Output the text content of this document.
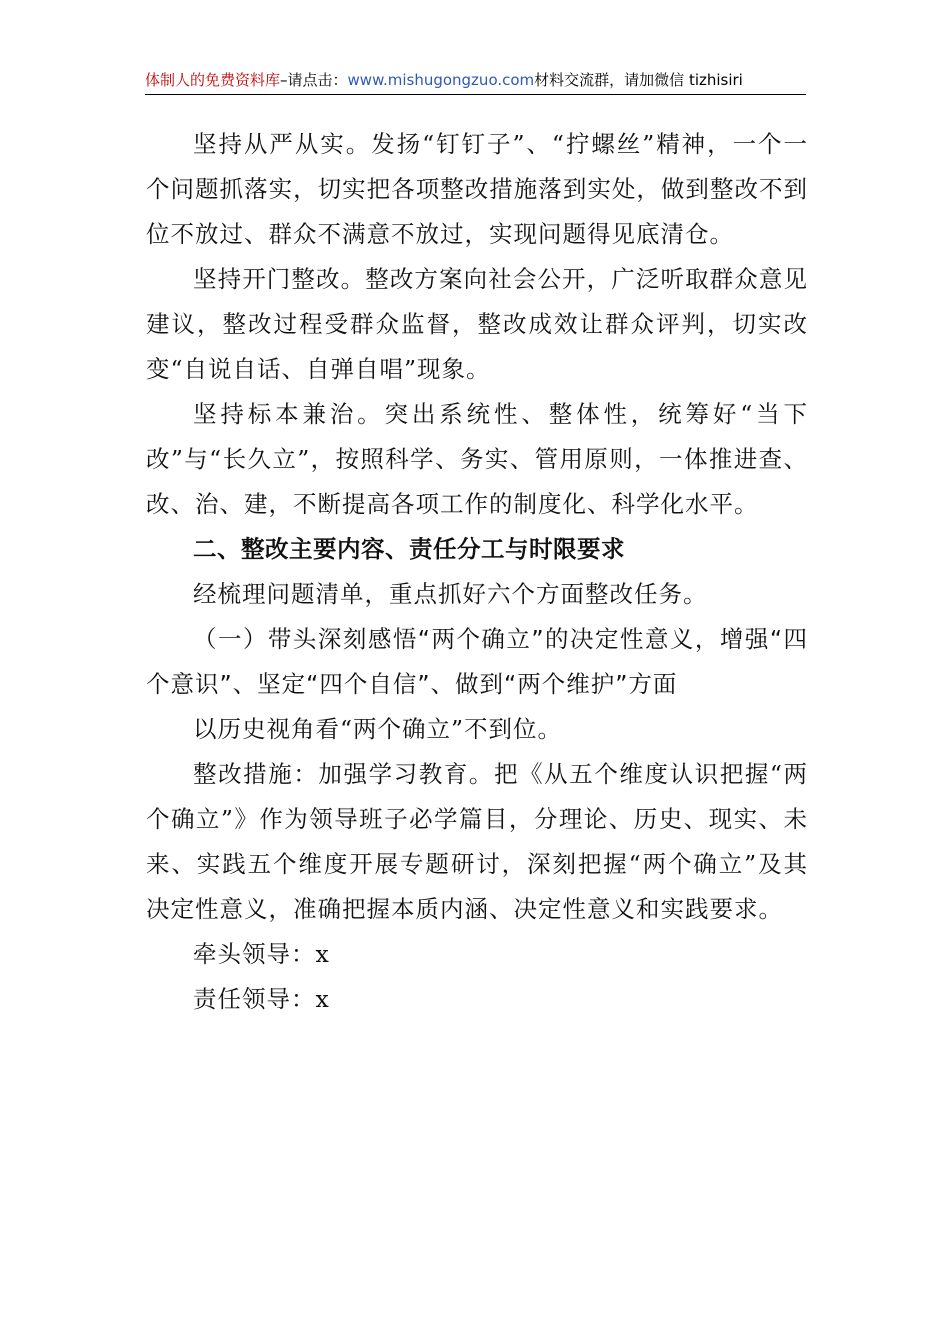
体制人的免费资料库–请点击：www.mishugongzuo.com材料交流群，请加微信 tizhisiri

坚持从严从实。发扬“钉钉子”、“拧螺丝”精神，一个一个问题抓落实，切实把各项整改措施落到实处，做到整改不到位不放过、群众不满意不放过，实现问题得见底清仓。

坚持开门整改。整改方案向社会公开，广泛听取群众意见建议，整改过程受群众监督，整改成效让群众评判，切实改变“自说自话、自弹自唱”现象。

坚持标本兼治。突出系统性、整体性，统筹好“当下改”与“长久立”，按照科学、务实、管用原则，一体推进查、改、治、建，不断提高各项工作的制度化、科学化水平。

二、整改主要内容、责任分工与时限要求

经梳理问题清单，重点抓好六个方面整改任务。

（一）带头深刻感悟“两个确立”的决定性意义，增强“四个意识”、坚定“四个自信”、做到“两个维护”方面

以历史视角看“两个确立”不到位。

整改措施：加强学习教育。把《从五个维度认识把握“两个确立”》作为领导班子必学篇目，分理论、历史、现实、未来、实践五个维度开展专题研讨，深刻把握“两个确立”及其决定性意义，准确把握本质内涵、决定性意义和实践要求。

牵头领导：x

责任领导：x
